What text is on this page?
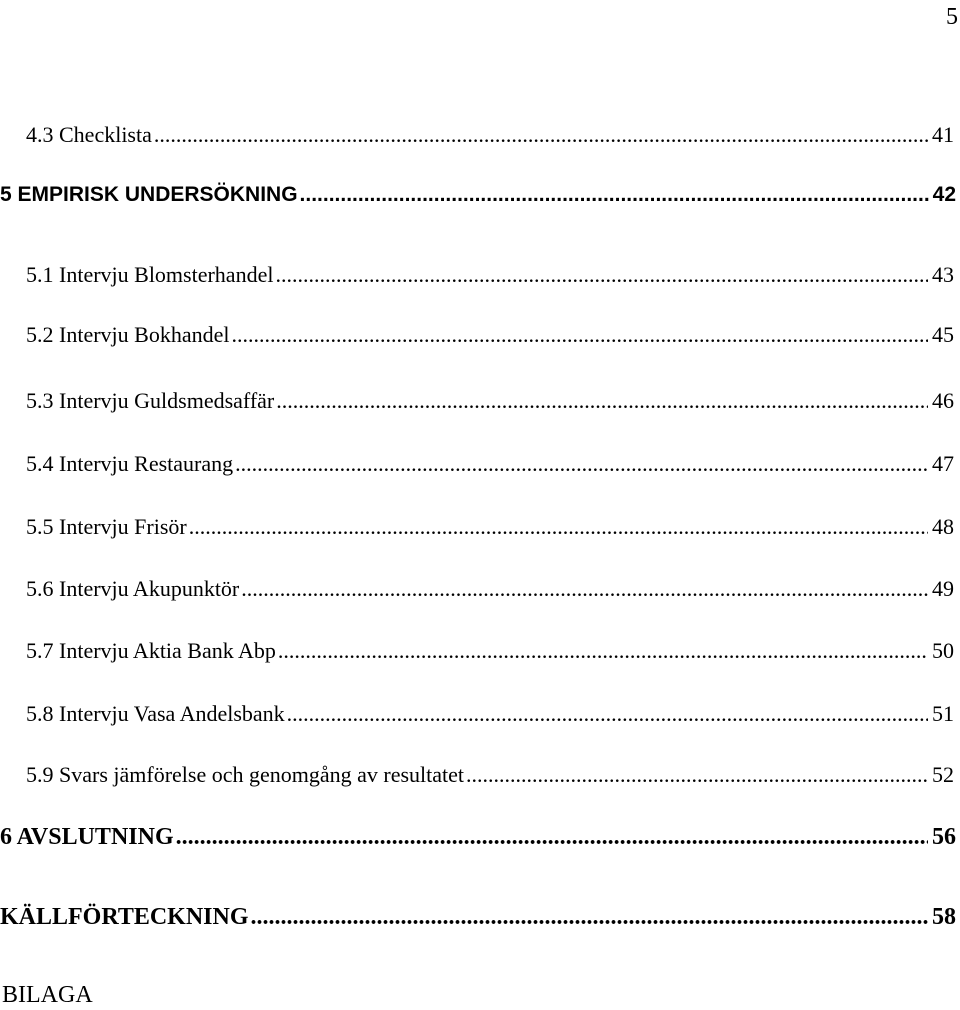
5
4.3 Checklista .....	41
5 EMPIRISK UNDERSÖKNING .....	42
5.1 Intervju Blomsterhandel .....	43
5.2 Intervju Bokhandel .....	45
5.3 Intervju Guldsmedsaffär .....	46
5.4 Intervju Restaurang .....	47
5.5 Intervju Frisör .....	48
5.6 Intervju Akupunktör .....	49
5.7 Intervju Aktia Bank Abp .....	50
5.8 Intervju Vasa Andelsbank .....	51
5.9 Svars jämförelse och genomgång av resultatet .....	52
6 AVSLUTNING .....	56
KÄLLFÖRTECKNING .....	58
BILAGA
